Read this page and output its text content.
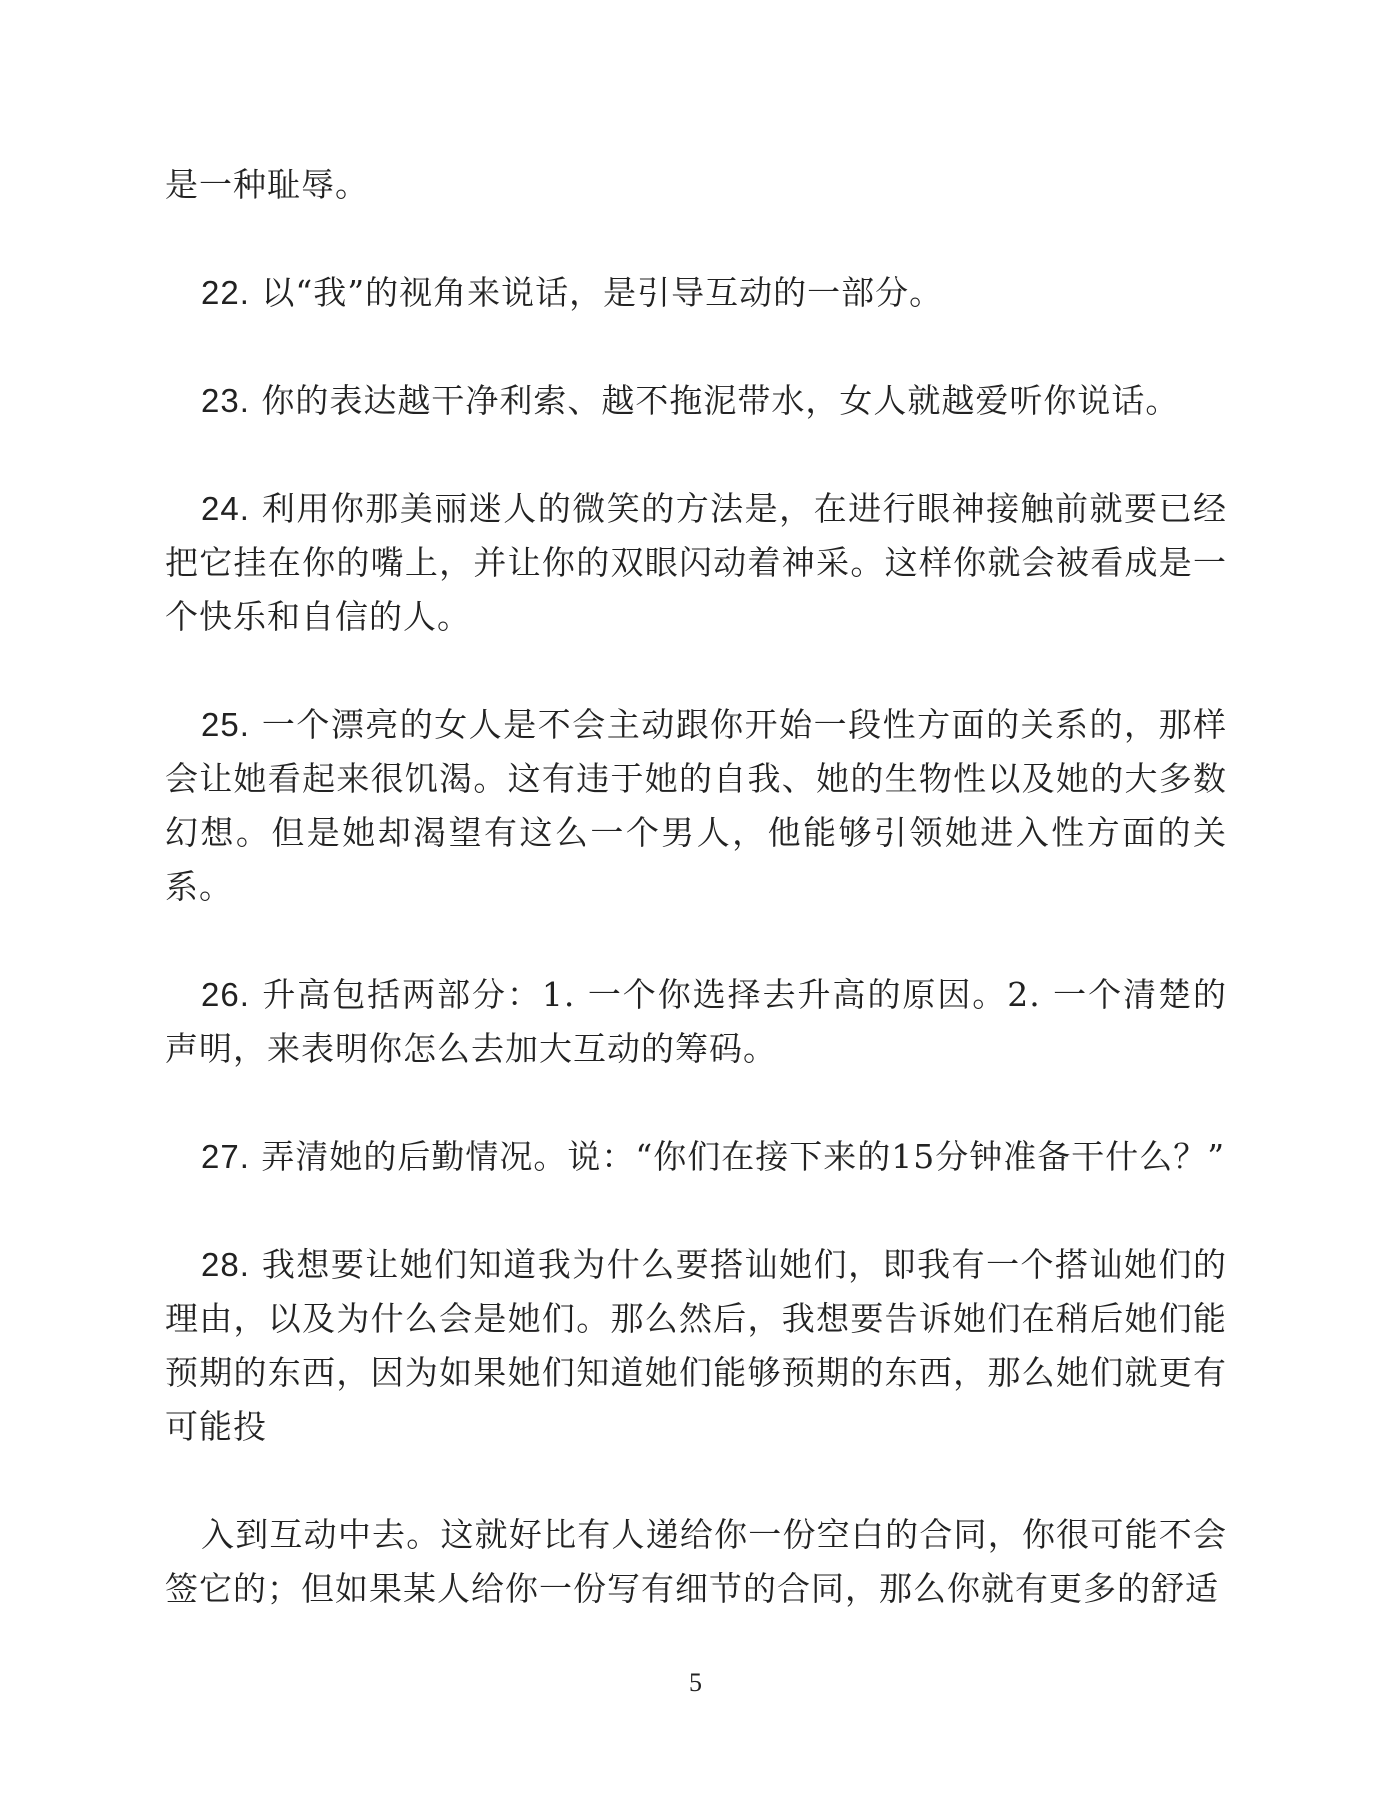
是一种耻辱。

22. 以“我”的视角来说话，是引导互动的一部分。

23. 你的表达越干净利索、越不拖泥带水，女人就越爱听你说话。

24. 利用你那美丽迷人的微笑的方法是，在进行眼神接触前就要已经把它挂在你的嘴上，并让你的双眼闪动着神采。这样你就会被看成是一个快乐和自信的人。

25. 一个漂亮的女人是不会主动跟你开始一段性方面的关系的，那样会让她看起来很饥渴。这有违于她的自我、她的生物性以及她的大多数幻想。但是她却渴望有这么一个男人，他能够引领她进入性方面的关系。

26. 升高包括两部分：1. 一个你选择去升高的原因。2. 一个清楚的声明，来表明你怎么去加大互动的筹码。

27. 弄清她的后勤情况。说：“你们在接下来的15分钟准备干什么？”

28. 我想要让她们知道我为什么要搭讪她们，即我有一个搭讪她们的理由，以及为什么会是她们。那么然后，我想要告诉她们在稍后她们能预期的东西，因为如果她们知道她们能够预期的东西，那么她们就更有可能投

入到互动中去。这就好比有人递给你一份空白的合同，你很可能不会签它的；但如果某人给你一份写有细节的合同，那么你就有更多的舒适

5
